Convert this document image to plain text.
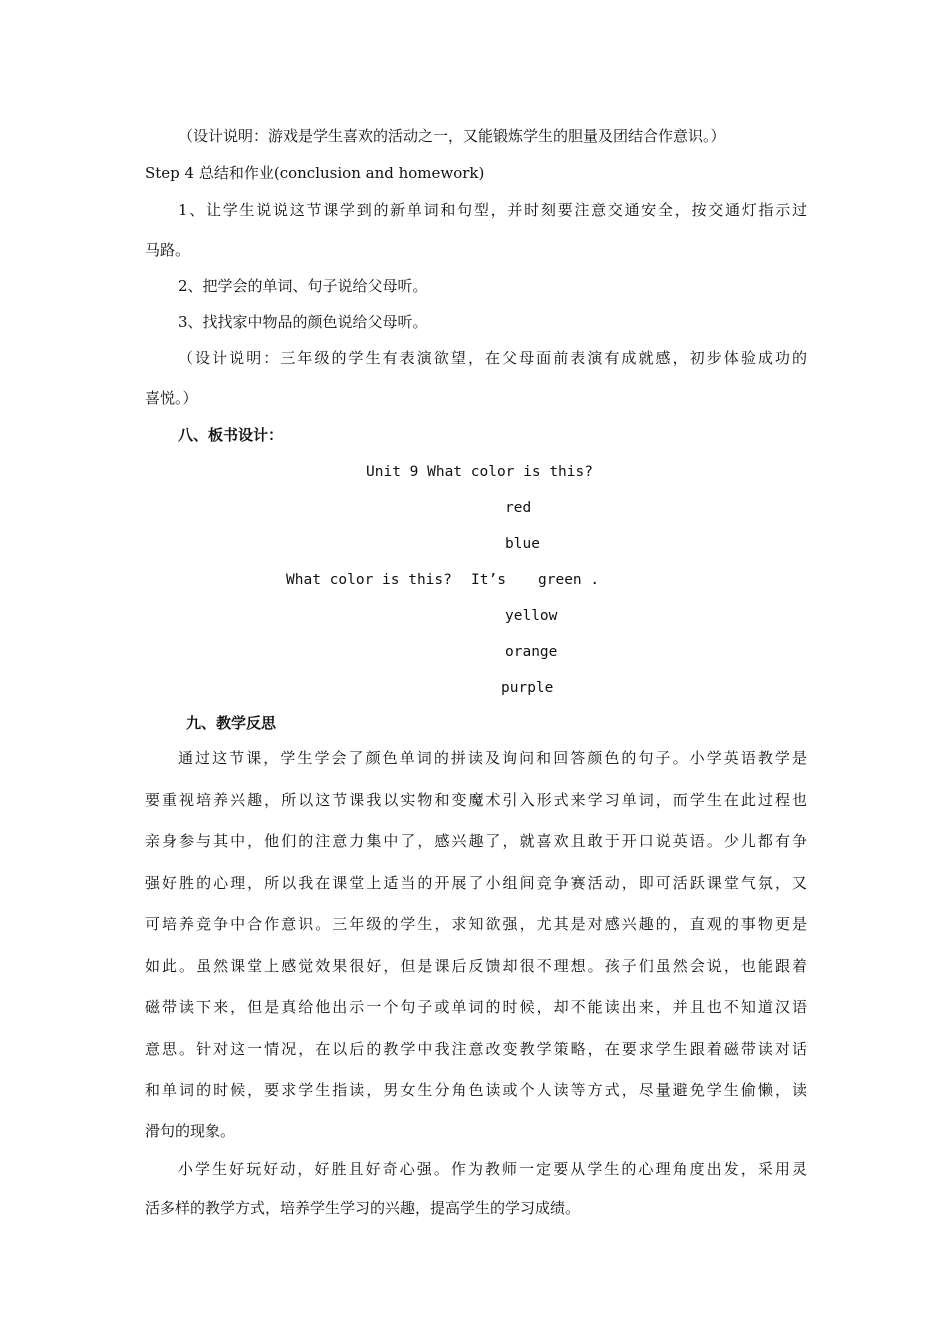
（设计说明：游戏是学生喜欢的活动之一，又能锻炼学生的胆量及团结合作意识。）
Step 4 总结和作业(conclusion and homework)
1、让学生说说这节课学到的新单词和句型，并时刻要注意交通安全，按交通灯指示过
马路。
2、把学会的单词、句子说给父母听。
3、找找家中物品的颜色说给父母听。
（设计说明：三年级的学生有表演欲望，在父母面前表演有成就感，初步体验成功的
喜悦。）
八、板书设计：
Unit 9 What color is this?
red
blue
What color is this? It’s green .
yellow
orange
purple
九、教学反思
通过这节课，学生学会了颜色单词的拼读及询问和回答颜色的句子。小学英语教学是
要重视培养兴趣，所以这节课我以实物和变魔术引入形式来学习单词，而学生在此过程也
亲身参与其中，他们的注意力集中了，感兴趣了，就喜欢且敢于开口说英语。少儿都有争
强好胜的心理，所以我在课堂上适当的开展了小组间竞争赛活动，即可活跃课堂气氛，又
可培养竞争中合作意识。三年级的学生，求知欲强，尤其是对感兴趣的，直观的事物更是
如此。虽然课堂上感觉效果很好，但是课后反馈却很不理想。孩子们虽然会说，也能跟着
磁带读下来，但是真给他出示一个句子或单词的时候，却不能读出来，并且也不知道汉语
意思。针对这一情况，在以后的教学中我注意改变教学策略，在要求学生跟着磁带读对话
和单词的时候，要求学生指读，男女生分角色读或个人读等方式，尽量避免学生偷懒，读
滑句的现象。
小学生好玩好动，好胜且好奇心强。作为教师一定要从学生的心理角度出发，采用灵
活多样的教学方式，培养学生学习的兴趣，提高学生的学习成绩。
